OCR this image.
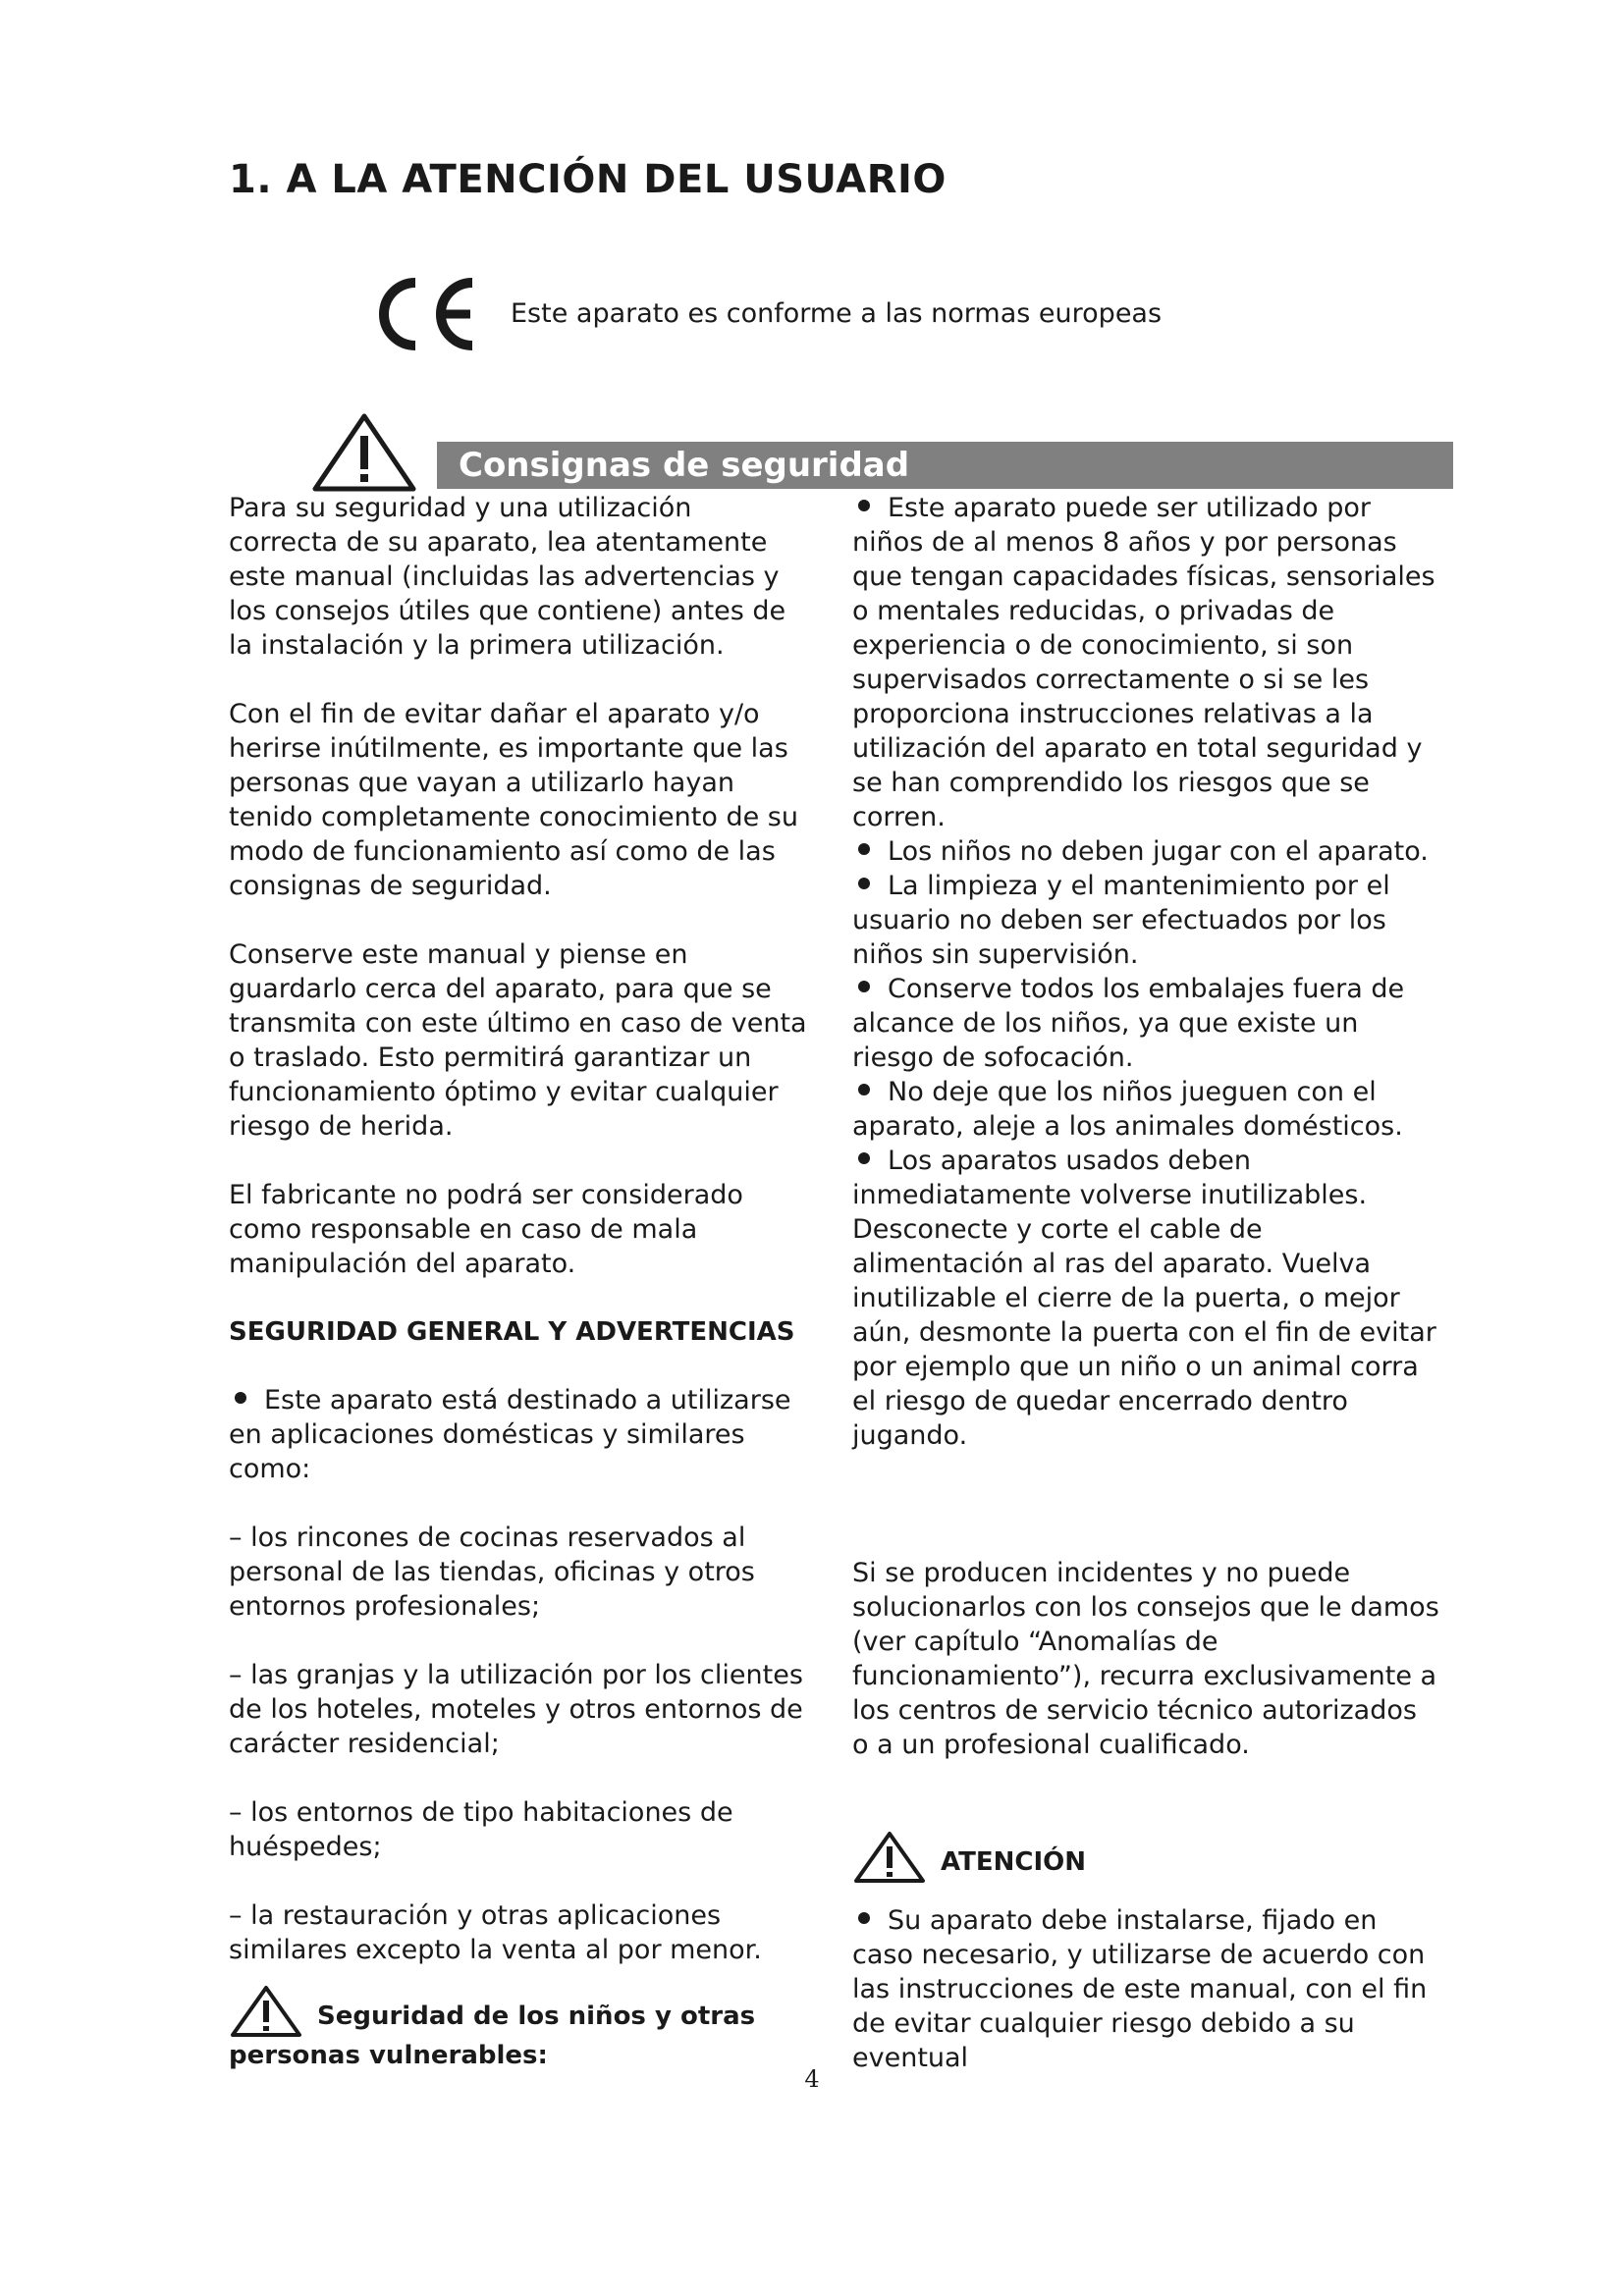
1. A LA ATENCIÓN DEL USUARIO
Este aparato es conforme a las normas europeas
Consignas de seguridad

Para su seguridad y una utilización correcta de su aparato, lea atentamente este manual (incluidas las advertencias y los consejos útiles que contiene) antes de la instalación y la primera utilización.

Con el fin de evitar dañar el aparato y/o herirse inútilmente, es importante que las personas que vayan a utilizarlo hayan tenido completamente conocimiento de su modo de funcionamiento así como de las consignas de seguridad.

Conserve este manual y piense en guardarlo cerca del aparato, para que se transmita con este último en caso de venta o traslado. Esto permitirá garantizar un funcionamiento óptimo y evitar cualquier riesgo de herida.

El fabricante no podrá ser considerado como responsable en caso de mala manipulación del aparato.

SEGURIDAD GENERAL Y ADVERTENCIAS

Este aparato está destinado a utilizarse en aplicaciones domésticas y similares como:

– los rincones de cocinas reservados al personal de las tiendas, oficinas y otros entornos profesionales;

– las granjas y la utilización por los clientes de los hoteles, moteles y otros entornos de carácter residencial;

– los entornos de tipo habitaciones de huéspedes;

– la restauración y otras aplicaciones similares excepto la venta al por menor.

Seguridad de los niños y otras personas vulnerables:

Este aparato puede ser utilizado por niños de al menos 8 años y por personas que tengan capacidades físicas, sensoriales o mentales reducidas, o privadas de experiencia o de conocimiento, si son supervisados correctamente o si se les proporciona instrucciones relativas a la utilización del aparato en total seguridad y se han comprendido los riesgos que se corren.

Los niños no deben jugar con el aparato.

La limpieza y el mantenimiento por el usuario no deben ser efectuados por los niños sin supervisión.

Conserve todos los embalajes fuera de alcance de los niños, ya que existe un riesgo de sofocación.

No deje que los niños jueguen con el aparato, aleje a los animales domésticos.

Los aparatos usados deben inmediatamente volverse inutilizables. Desconecte y corte el cable de alimentación al ras del aparato. Vuelva inutilizable el cierre de la puerta, o mejor aún, desmonte la puerta con el fin de evitar por ejemplo que un niño o un animal corra el riesgo de quedar encerrado dentro jugando.

Si se producen incidentes y no puede solucionarlos con los consejos que le damos (ver capítulo “Anomalías de funcionamiento”), recurra exclusivamente a los centros de servicio técnico autorizados o a un profesional cualificado.

ATENCIÓN

Su aparato debe instalarse, fijado en caso necesario, y utilizarse de acuerdo con las instrucciones de este manual, con el fin de evitar cualquier riesgo debido a su eventual

4
